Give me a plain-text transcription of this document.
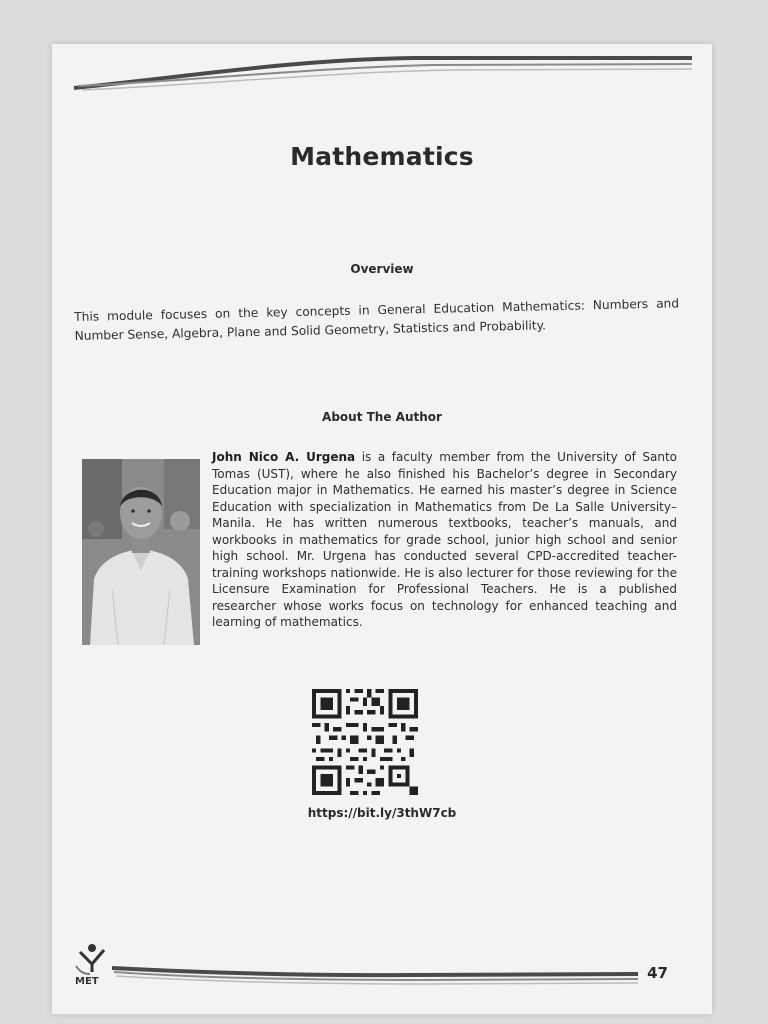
Mathematics
Overview
This module focuses on the key concepts in General Education Mathematics: Numbers and Number Sense, Algebra, Plane and Solid Geometry, Statistics and Probability.
About The Author
John Nico A. Urgena is a faculty member from the University of Santo Tomas (UST), where he also finished his Bachelor’s degree in Secondary Education major in Mathematics. He earned his master’s degree in Science Education with specialization in Mathematics from De La Salle University–Manila. He has written numerous textbooks, teacher’s manuals, and workbooks in mathematics for grade school, junior high school and senior high school. Mr. Urgena has conducted several CPD-accredited teacher-training workshops nationwide. He is also lecturer for those reviewing for the Licensure Examination for Professional Teachers. He is a published researcher whose works focus on technology for enhanced teaching and learning of mathematics.
https://bit.ly/3thW7cb
MET	47
